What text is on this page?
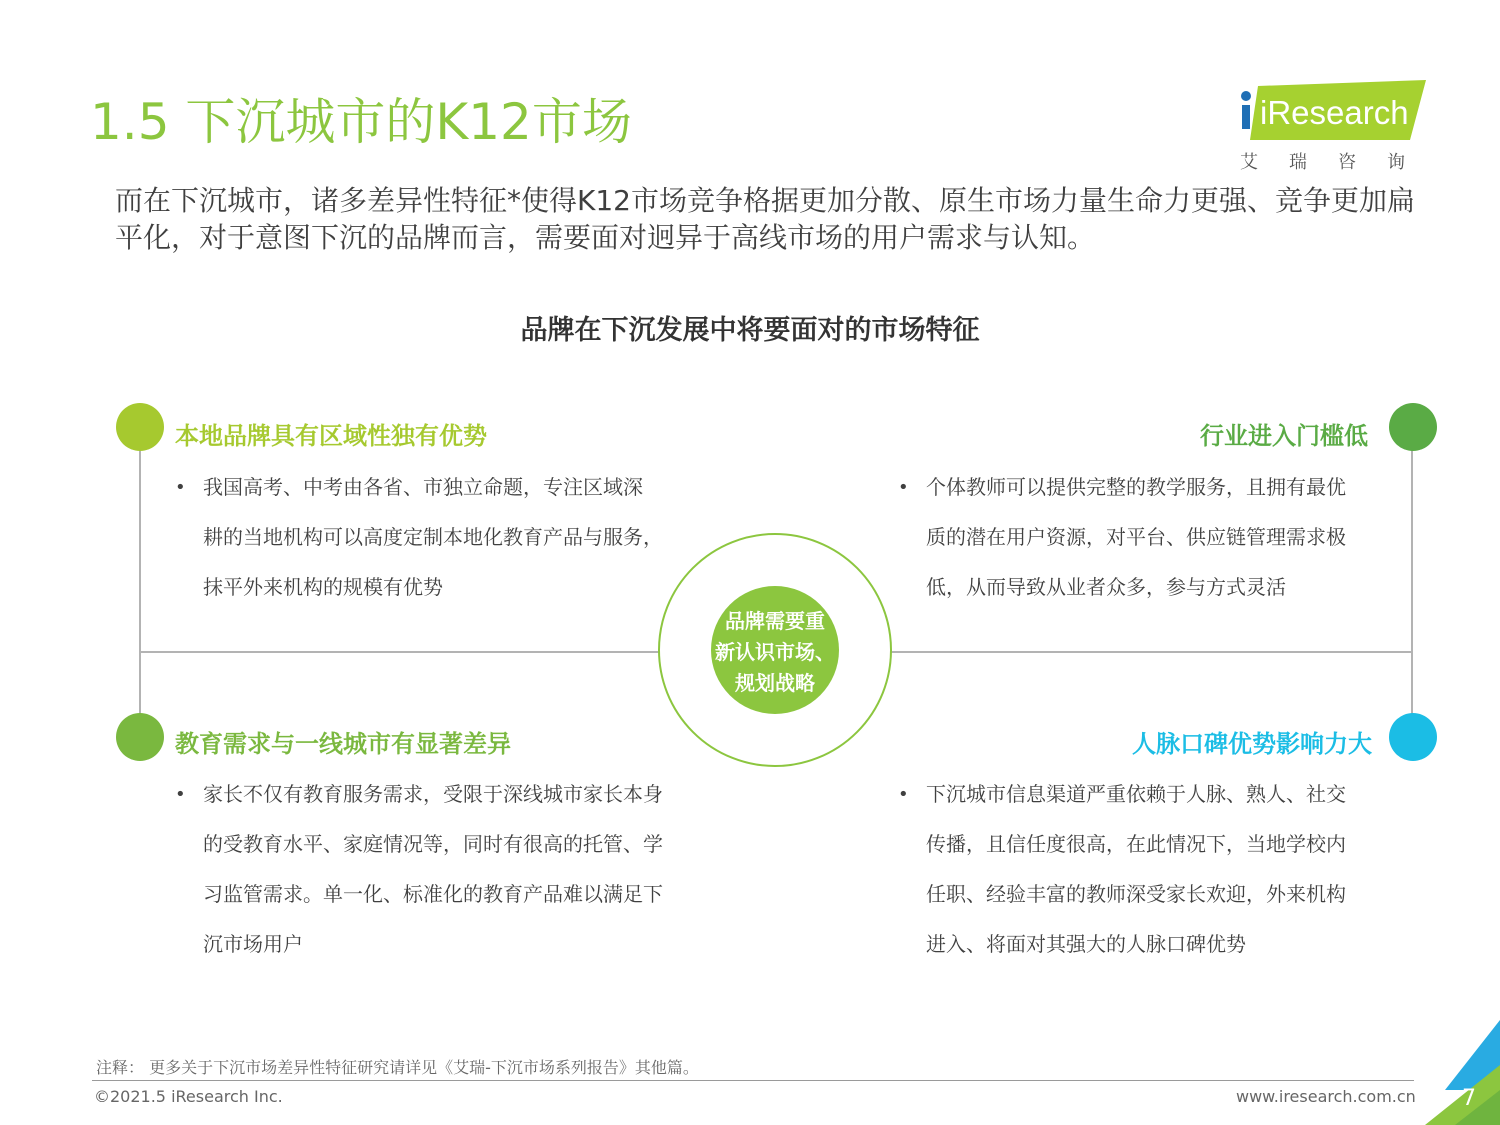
1.5 下沉城市的K12市场	iResearch
艾瑞咨询
而在下沉城市，诸多差异性特征*使得K12市场竞争格据更加分散、原生市场力量生命力更强、竞争更加扁平化，对于意图下沉的品牌而言，需要面对迥异于高线市场的用户需求与认知。
品牌在下沉发展中将要面对的市场特征
本地品牌具有区域性独有优势
• 我国高考、中考由各省、市独立命题，专注区域深
耕的当地机构可以高度定制本地化教育产品与服务，
抹平外来机构的规模有优势
行业进入门槛低
• 个体教师可以提供完整的教学服务，且拥有最优
质的潜在用户资源，对平台、供应链管理需求极
低，从而导致从业者众多，参与方式灵活
教育需求与一线城市有显著差异
• 家长不仅有教育服务需求，受限于深线城市家长本身
的受教育水平、家庭情况等，同时有很高的托管、学
习监管需求。单一化、标准化的教育产品难以满足下
沉市场用户
人脉口碑优势影响力大
• 下沉城市信息渠道严重依赖于人脉、熟人、社交
传播，且信任度很高，在此情况下，当地学校内
任职、经验丰富的教师深受家长欢迎，外来机构
进入、将面对其强大的人脉口碑优势
品牌需要重
新认识市场、
规划战略
注释： 更多关于下沉市场差异性特征研究请详见《艾瑞-下沉市场系列报告》其他篇。
©2021.5 iResearch Inc.	www.iresearch.com.cn 7
